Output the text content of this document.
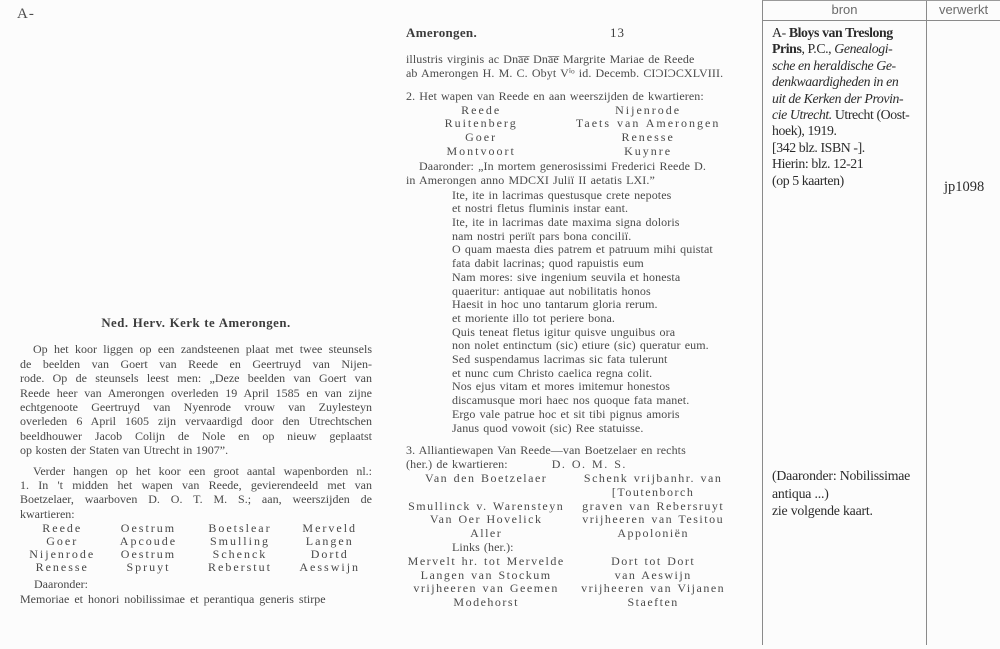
A-
Ned. Herv. Kerk te Amerongen.
Op het koor liggen op een zandsteenen plaat met twee steunsels
de beelden van Goert van Reede en Geertruyd van Nijen-
rode. Op de steunsels leest men: „Deze beelden van Goert van
Reede heer van Amerongen overleden 19 April 1585 en van zijne
echtgenoote Geertruyd van Nyenrode vrouw van Zuylesteyn
overleden 6 April 1605 zijn vervaardigd door den Utrechtschen
beeldhouwer Jacob Colijn de Nole en op nieuw geplaatst
op kosten der Staten van Utrecht in 1907”.
Verder hangen op het koor een groot aantal wapenborden nl.:
1. In 't midden het wapen van Reede, gevierendeeld met van
Boetzelaer, waarboven D. O. T. M. S.; aan, weerszijden de
kwartieren:
Reede	Oestrum	Boetslear	Merveld
Goer	Apcoude	Smulling	Langen
Nijenrode	Oestrum	Schenck	Dortd
Renesse	Spruyt	Reberstut	Aesswijn
Daaronder:
Memoriae et honori nobilissimae et perantiqua generis stirpe
Amerongen.	13
illustris virginis ac Dna̅e̅ Dna̅e̅ Margrite Mariae de Reede
ab Amerongen H. M. C. Obyt Vⁱᵒ id. Decemb. CIƆIƆCXLVIII.
2. Het wapen van Reede en aan weerszijden de kwartieren:
Reede	Nijenrode
Ruitenberg	Taets van Amerongen
Goer	Renesse
Montvoort	Kuynre
Daaronder: „In mortem generosissimi Frederici Reede D.
in Amerongen anno MDCXI Juliï II aetatis LXI.”
Ite, ite in lacrimas questusque crete nepotes
et nostri fletus fluminis instar eant.
Ite, ite in lacrimas date maxima signa doloris
nam nostri periït pars bona conciliï.
O quam maesta dies patrem et patruum mihi quistat
fata dabit lacrinas; quod rapuistis eum
Nam mores: sive ingenium seuvila et honesta
quaeritur: antiquae aut nobilitatis honos
Haesit in hoc uno tantarum gloria rerum.
et moriente illo tot periere bona.
Quis teneat fletus igitur quisve unguibus ora
non nolet entinctum (sic) etiure (sic) queratur eum.
Sed suspendamus lacrimas sic fata tulerunt
et nunc cum Christo caelica regna colit.
Nos ejus vitam et mores imitemur honestos
discamusque mori haec nos quoque fata manet.
Ergo vale patrue hoc et sit tibi pignus amoris
Janus quod vowoit (sic) Ree statuisse.
3. Alliantiewapen Van Reede—van Boetzelaer en rechts
(her.) de kwartieren:	D. O. M. S.
Van den Boetzelaer	Schenk vrijbanhr. van
[Toutenborch
Smullinck v. Warensteyn	graven van Rebersruyt
Van Oer Hovelick	vrijheeren van Tesitou
Aller	Appoloniën
Links (her.):
Mervelt hr. tot Mervelde	Dort tot Dort
Langen van Stockum	van Aeswijn
vrijheeren van Geemen	vrijheeren van Vijanen
Modehorst	Staeften
bron	verwerkt
A- Bloys van Treslong
Prins, P.C., Genealogi-
sche en heraldische Ge-
denkwaardigheden in en
uit de Kerken der Provin-
cie Utrecht. Utrecht (Oost-
hoek), 1919.
[342 blz. ISBN -].
Hierin: blz. 12-21
(op 5 kaarten)	jp1098
(Daaronder: Nobilissimae
antiqua ...)
zie volgende kaart.
